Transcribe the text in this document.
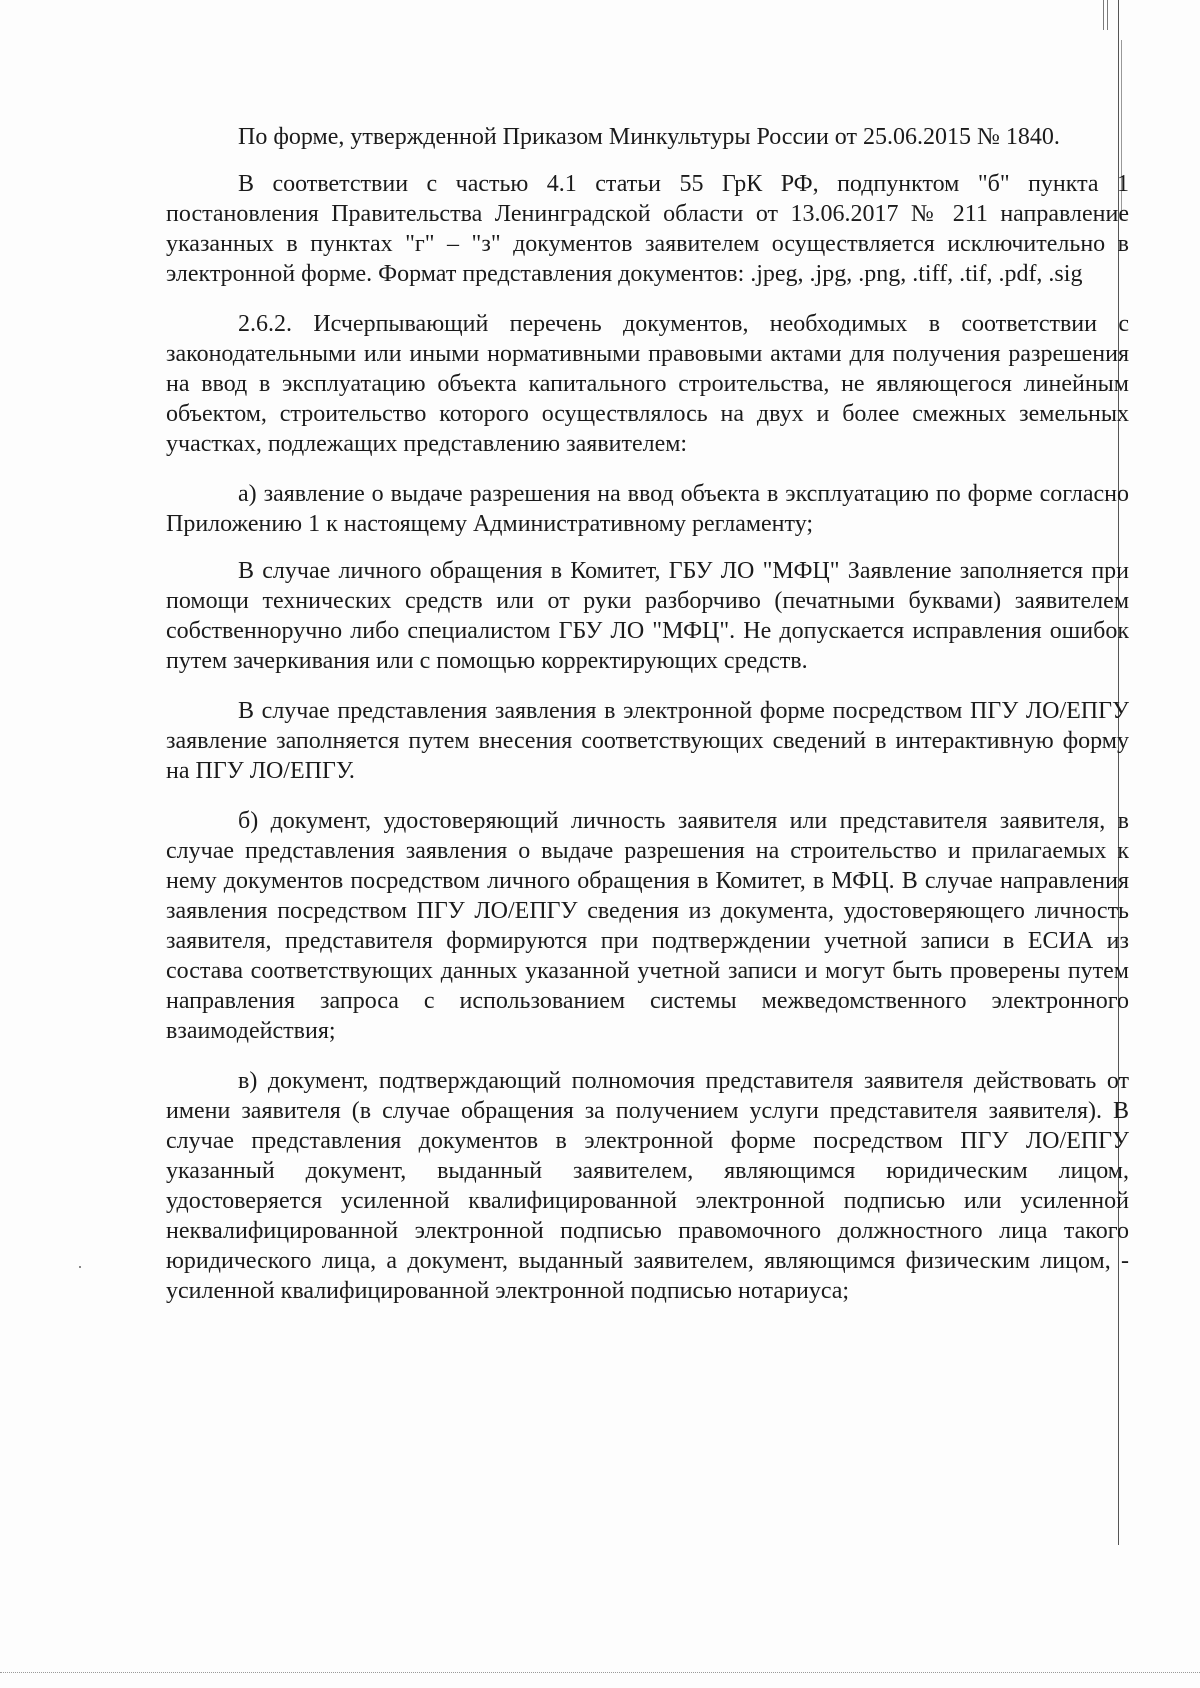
По форме, утвержденной Приказом Минкультуры России от 25.06.2015 № 1840.

В соответствии с частью 4.1 статьи 55 ГрК РФ, подпунктом "б" пункта 1 постановления Правительства Ленинградской области от 13.06.2017 № 211 направление указанных в пунктах "г" – "з" документов заявителем осуществляется исключительно в электронной форме. Формат представления документов: .jpeg, .jpg, .png, .tiff, .tif, .pdf, .sig

2.6.2. Исчерпывающий перечень документов, необходимых в соответствии с законодательными или иными нормативными правовыми актами для получения разрешения на ввод в эксплуатацию объекта капитального строительства, не являющегося линейным объектом, строительство которого осуществлялось на двух и более смежных земельных участках, подлежащих представлению заявителем:

а) заявление о выдаче разрешения на ввод объекта в эксплуатацию по форме согласно Приложению 1 к настоящему Административному регламенту;

В случае личного обращения в Комитет, ГБУ ЛО "МФЦ" Заявление заполняется при помощи технических средств или от руки разборчиво (печатными буквами) заявителем собственноручно либо специалистом ГБУ ЛО "МФЦ". Не допускается исправления ошибок путем зачеркивания или с помощью корректирующих средств.

В случае представления заявления в электронной форме посредством ПГУ ЛО/ЕПГУ заявление заполняется путем внесения соответствующих сведений в интерактивную форму на ПГУ ЛО/ЕПГУ.

б) документ, удостоверяющий личность заявителя или представителя заявителя, в случае представления заявления о выдаче разрешения на строительство и прилагаемых к нему документов посредством личного обращения в Комитет, в МФЦ. В случае направления заявления посредством ПГУ ЛО/ЕПГУ сведения из документа, удостоверяющего личность заявителя, представителя формируются при подтверждении учетной записи в ЕСИА из состава соответствующих данных указанной учетной записи и могут быть проверены путем направления запроса с использованием системы межведомственного электронного взаимодействия;

в) документ, подтверждающий полномочия представителя заявителя действовать от имени заявителя (в случае обращения за получением услуги представителя заявителя). В случае представления документов в электронной форме посредством ПГУ ЛО/ЕПГУ указанный документ, выданный заявителем, являющимся юридическим лицом, удостоверяется усиленной квалифицированной электронной подписью или усиленной неквалифицированной электронной подписью правомочного должностного лица такого юридического лица, а документ, выданный заявителем, являющимся физическим лицом, - усиленной квалифицированной электронной подписью нотариуса;
